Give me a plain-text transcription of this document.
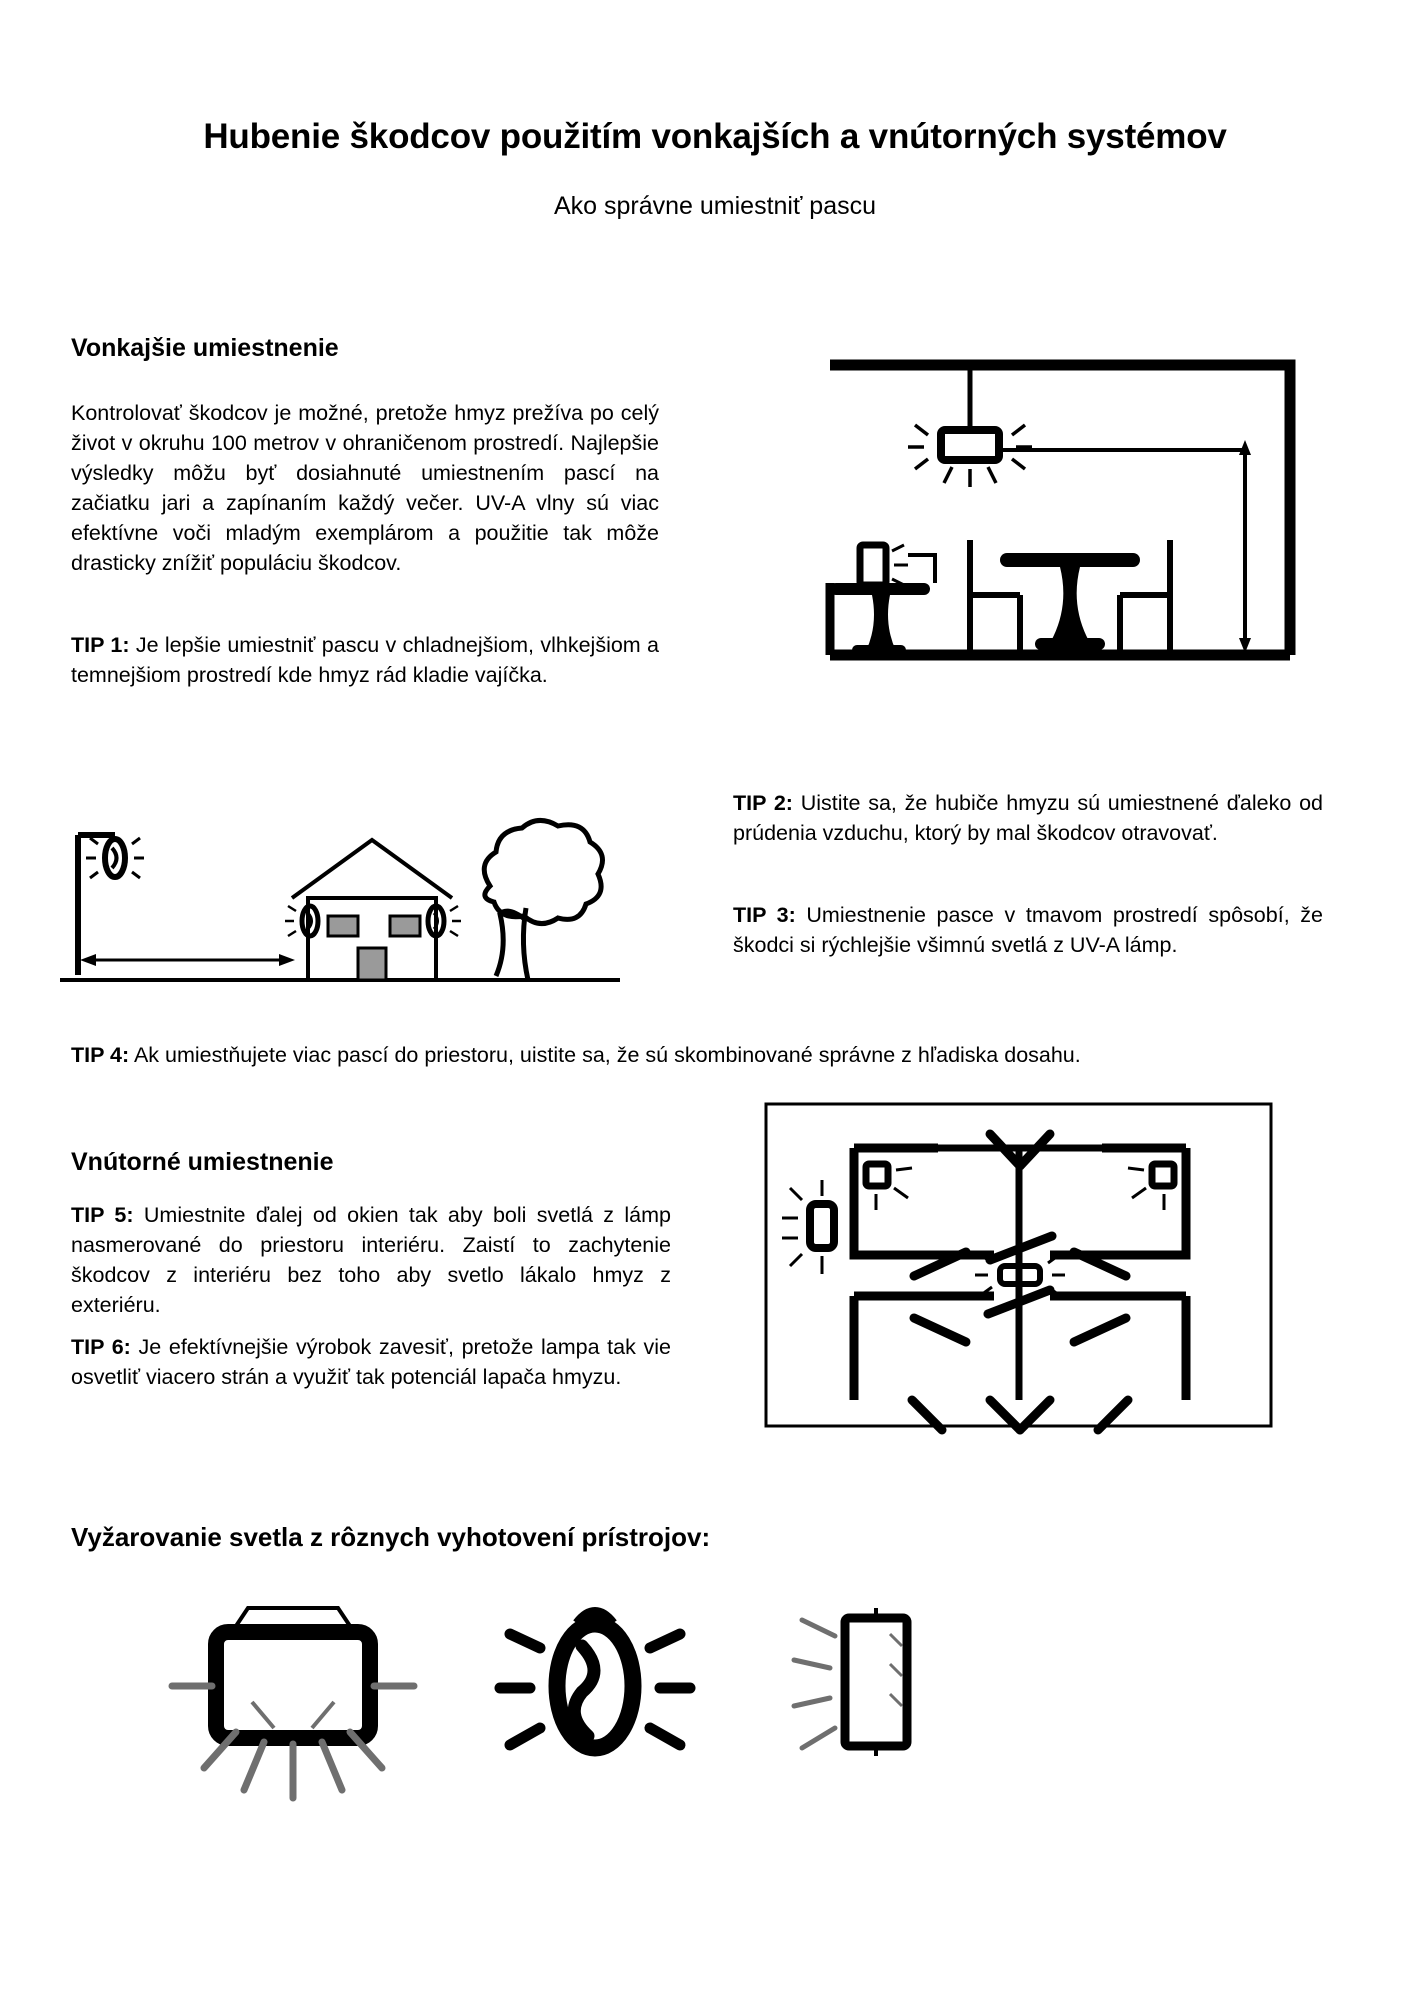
Hubenie škodcov použitím vonkajších a vnútorných systémov
Ako správne umiestniť pascu
Vonkajšie umiestnenie
Kontrolovať škodcov je možné, pretože hmyz prežíva po celý život v okruhu 100 metrov v ohraničenom prostredí. Najlepšie výsledky môžu byť dosiahnuté umiestnením pascí na začiatku jari a zapínaním každý večer. UV-A vlny sú viac efektívne voči mladým exemplárom a použitie tak môže drasticky znížiť populáciu škodcov.
TIP 1: Je lepšie umiestniť pascu v chladnejšiom, vlhkejšiom a temnejšiom prostredí kde hmyz rád kladie vajíčka.
TIP 2: Uistite sa, že hubiče hmyzu sú umiestnené ďaleko od prúdenia vzduchu, ktorý by mal škodcov otravovať.
TIP 3: Umiestnenie pasce v tmavom prostredí spôsobí, že škodci si rýchlejšie všimnú svetlá z UV-A lámp.
TIP 4: Ak umiestňujete viac pascí do priestoru, uistite sa, že sú skombinované správne z hľadiska dosahu.
Vnútorné umiestnenie
TIP 5: Umiestnite ďalej od okien tak aby boli svetlá z lámp nasmerované do priestoru interiéru. Zaistí to zachytenie škodcov z interiéru bez toho aby svetlo lákalo hmyz z exteriéru.
TIP 6: Je efektívnejšie výrobok zavesiť, pretože lampa tak vie osvetliť viacero strán a využiť tak potenciál lapača hmyzu.
Vyžarovanie svetla z rôznych vyhotovení prístrojov:
